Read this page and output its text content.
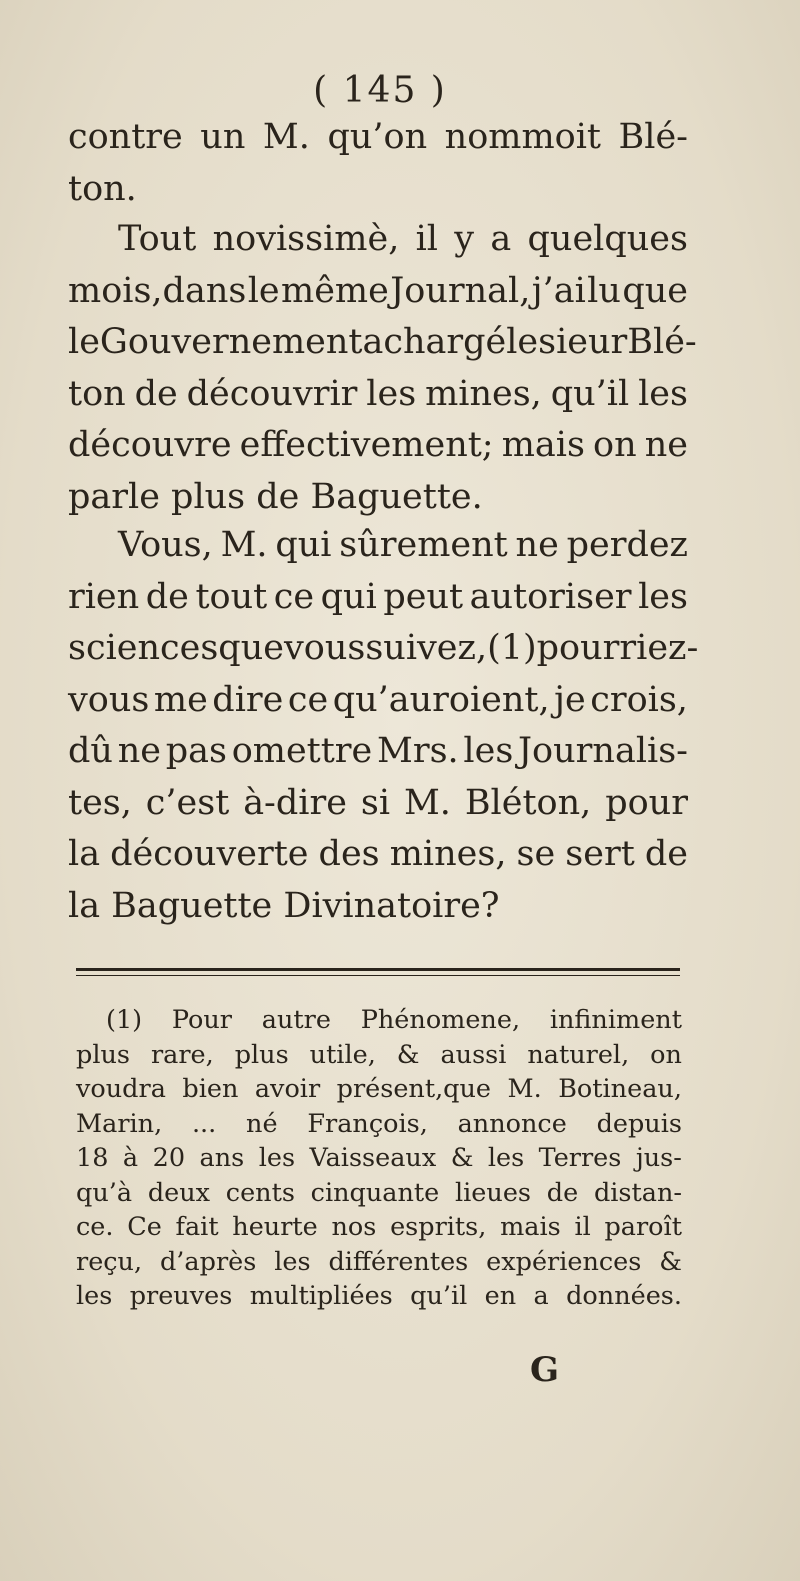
( 145 )
contre un M. qu’on nommoit Blé-
ton.
Tout novissimè, il y a quelques
mois,dans le même Journal, j’ai lu que
le Gouvernement a chargé le sieur Blé-
ton de découvrir les mines, qu’il les
découvre effectivement; mais on ne
parle plus de Baguette.
Vous, M. qui sûrement ne perdez
rien de tout ce qui peut autoriser les
sciences que vous suivez, (1) pourriez-
vous me dire ce qu’auroient, je crois,
dû ne pas omettre Mrs. les Journalis-
tes, c’est à-dire si M. Bléton, pour
la découverte des mines, se sert de
la Baguette Divinatoire?
(1) Pour autre Phénomene, infiniment
plus rare, plus utile, & aussi naturel, on
voudra bien avoir présent,que M. Botineau,
Marin, ... né François, annonce depuis
18 à 20 ans les Vaisseaux & les Terres jus-
qu’à deux cents cinquante lieues de distan-
ce. Ce fait heurte nos esprits, mais il paroît
reçu, d’après les différentes expériences &
les preuves multipliées qu’il en a données.
G
